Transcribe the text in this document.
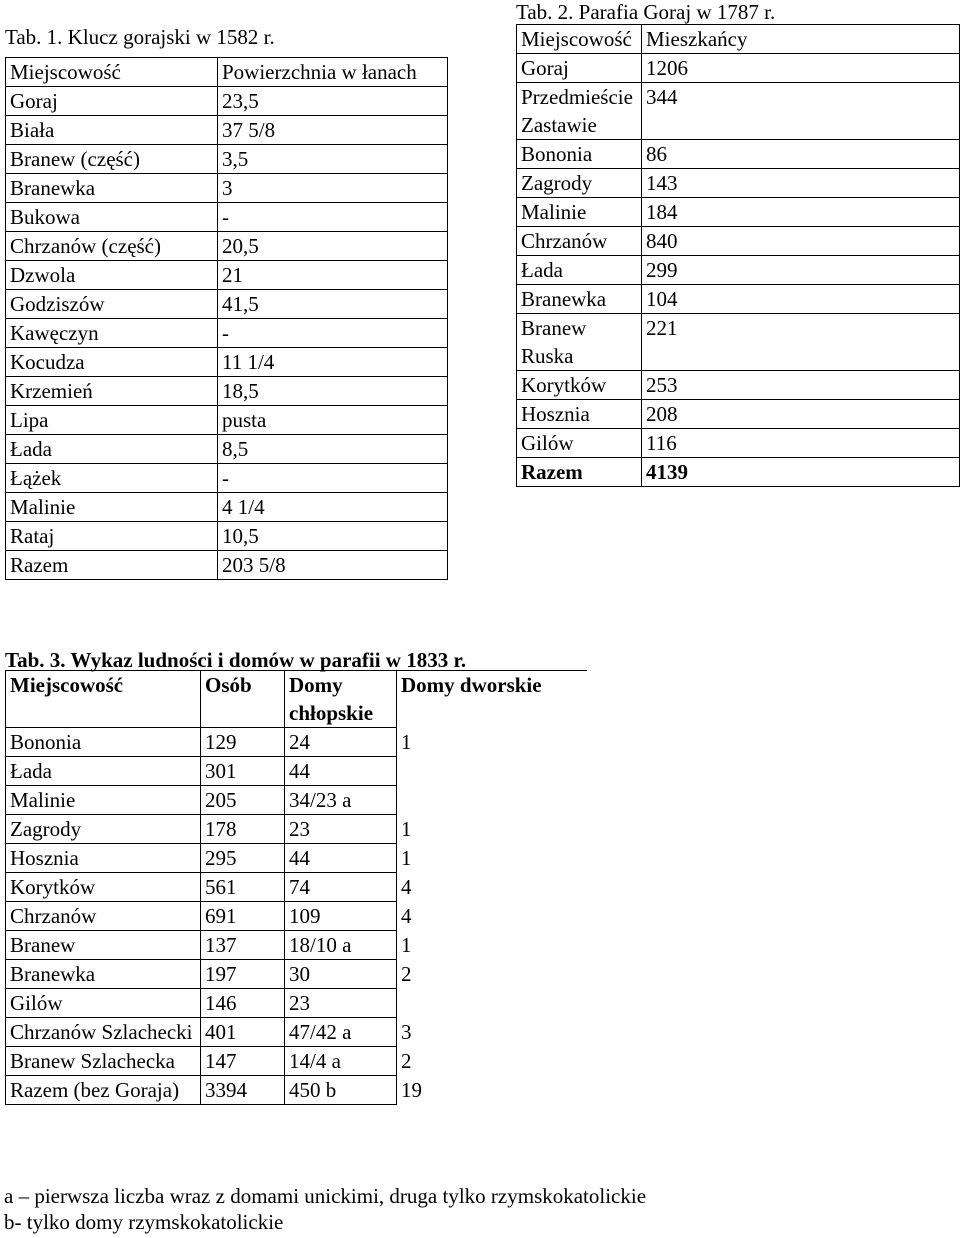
Tab. 1. Klucz gorajski w 1582 r.
Miejscowość	Powierzchnia w łanach

Goraj	23,5
Biała	37 5/8
Branew (część)	3,5
Branewka	3
Bukowa	-
Chrzanów (część)	20,5
Dzwola	21
Godziszów	41,5
Kawęczyn	-
Kocudza	11 1/4
Krzemień	18,5
Lipa	pusta
Łada	8,5
Łążek	-
Malinie	4 1/4
Rataj	10,5
Razem	203 5/8
Tab. 2. Parafia Goraj w 1787 r.
Miejscowość	Mieszkańcy
Goraj	1206
Przedmieście Zastawie	344
Bononia	86
Zagrody	143
Malinie	184
Chrzanów	840
Łada	299
Branewka	104
Branew Ruska	221
Korytków	253
Hosznia	208
Gilów	116
Razem	4139
Tab. 3. Wykaz ludności i domów w parafii w 1833 r.
Miejscowość	Osób	Domy chłopskie	Domy dworskie
Bononia	129	24	1
Łada	301	44	
Malinie	205	34/23 a	
Zagrody	178	23	1
Hosznia	295	44	1
Korytków	561	74	4
Chrzanów	691	109	4
Branew	137	18/10 a	1
Branewka	197	30	2
Gilów	146	23	
Chrzanów Szlachecki	401	47/42 a	3
Branew Szlachecka	147	14/4 a	2

Razem (bez Goraja)	3394	450 b	19
a – pierwsza liczba wraz z domami unickimi, druga tylko rzymskokatolickie
b- tylko domy rzymskokatolickie
